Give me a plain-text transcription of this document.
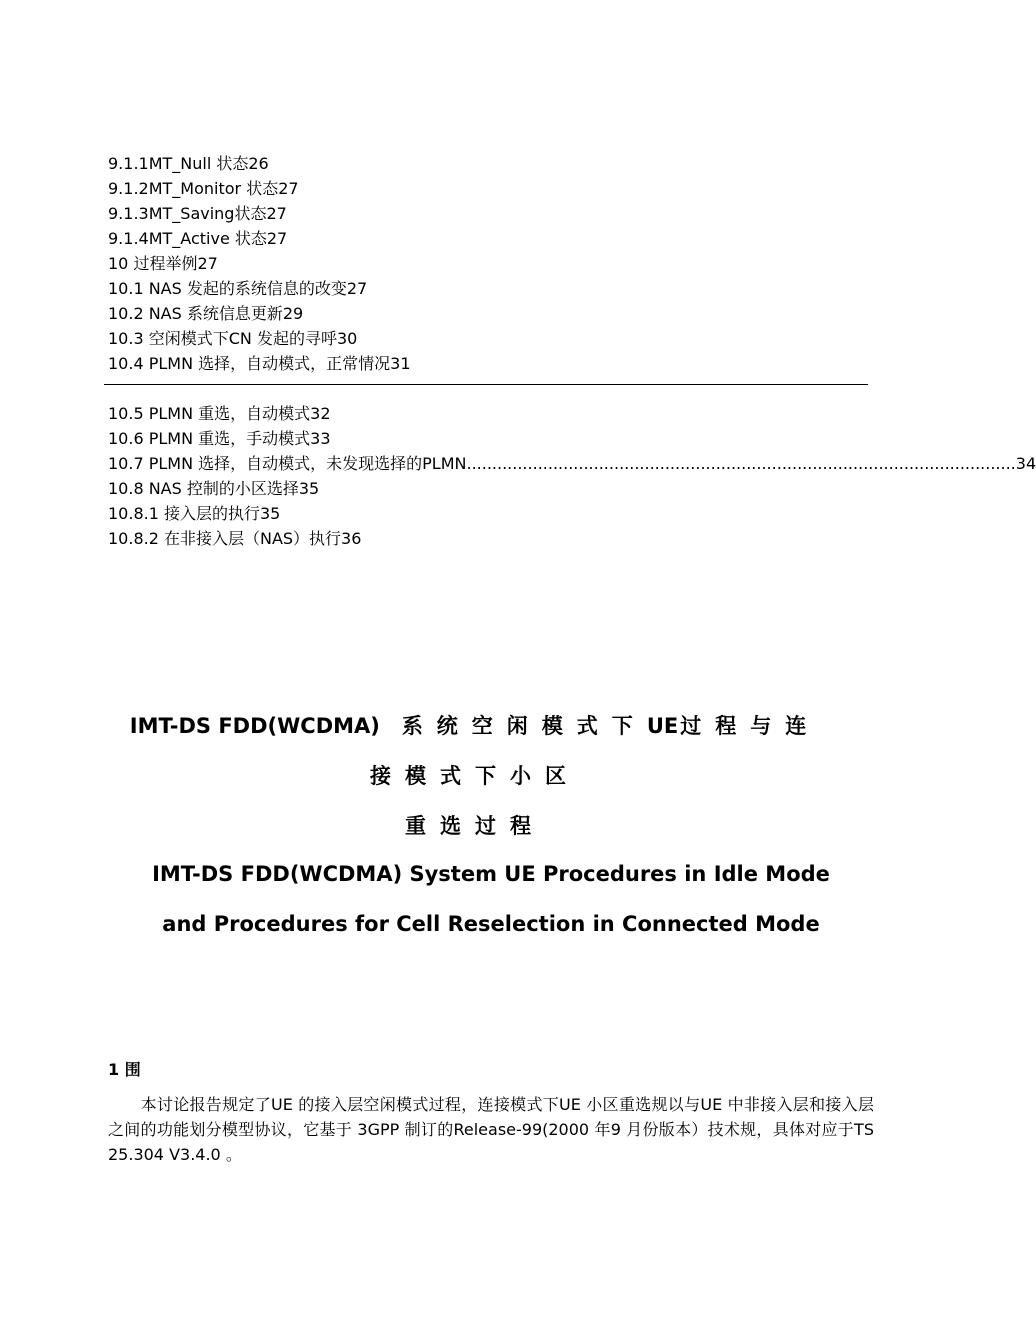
9.1.1MT_Null 状态26
9.1.2MT_Monitor 状态27
9.1.3MT_Saving状态27
9.1.4MT_Active 状态27
10 过程举例27
10.1 NAS 发起的系统信息的改变27
10.2 NAS 系统信息更新29
10.3 空闲模式下CN 发起的寻呼30
10.4 PLMN 选择，自动模式，正常情况31
10.5 PLMN 重选，自动模式32
10.6 PLMN 重选，手动模式33
10.7 PLMN 选择，自动模式，未发现选择的PLMN ............................................................................................................ 34
10.8 NAS 控制的小区选择35
10.8.1 接入层的执行35
10.8.2 在非接入层（NAS）执行36
IMT-DS FDD(WCDMA) 系统空闲模式下UE过程与连
接模式下小区
重选过程
IMT-DS FDD(WCDMA) System UE Procedures in Idle Mode
and Procedures for Cell Reselection in Connected Mode
1 围
　　本讨论报告规定了UE 的接入层空闲模式过程，连接模式下UE 小区重选规以与UE 中非接入层和接入层之间的功能划分模型协议，它基于 3GPP 制订的Release-99(2000 年9 月份版本）技术规，具体对应于TS 25.304 V3.4.0 。
